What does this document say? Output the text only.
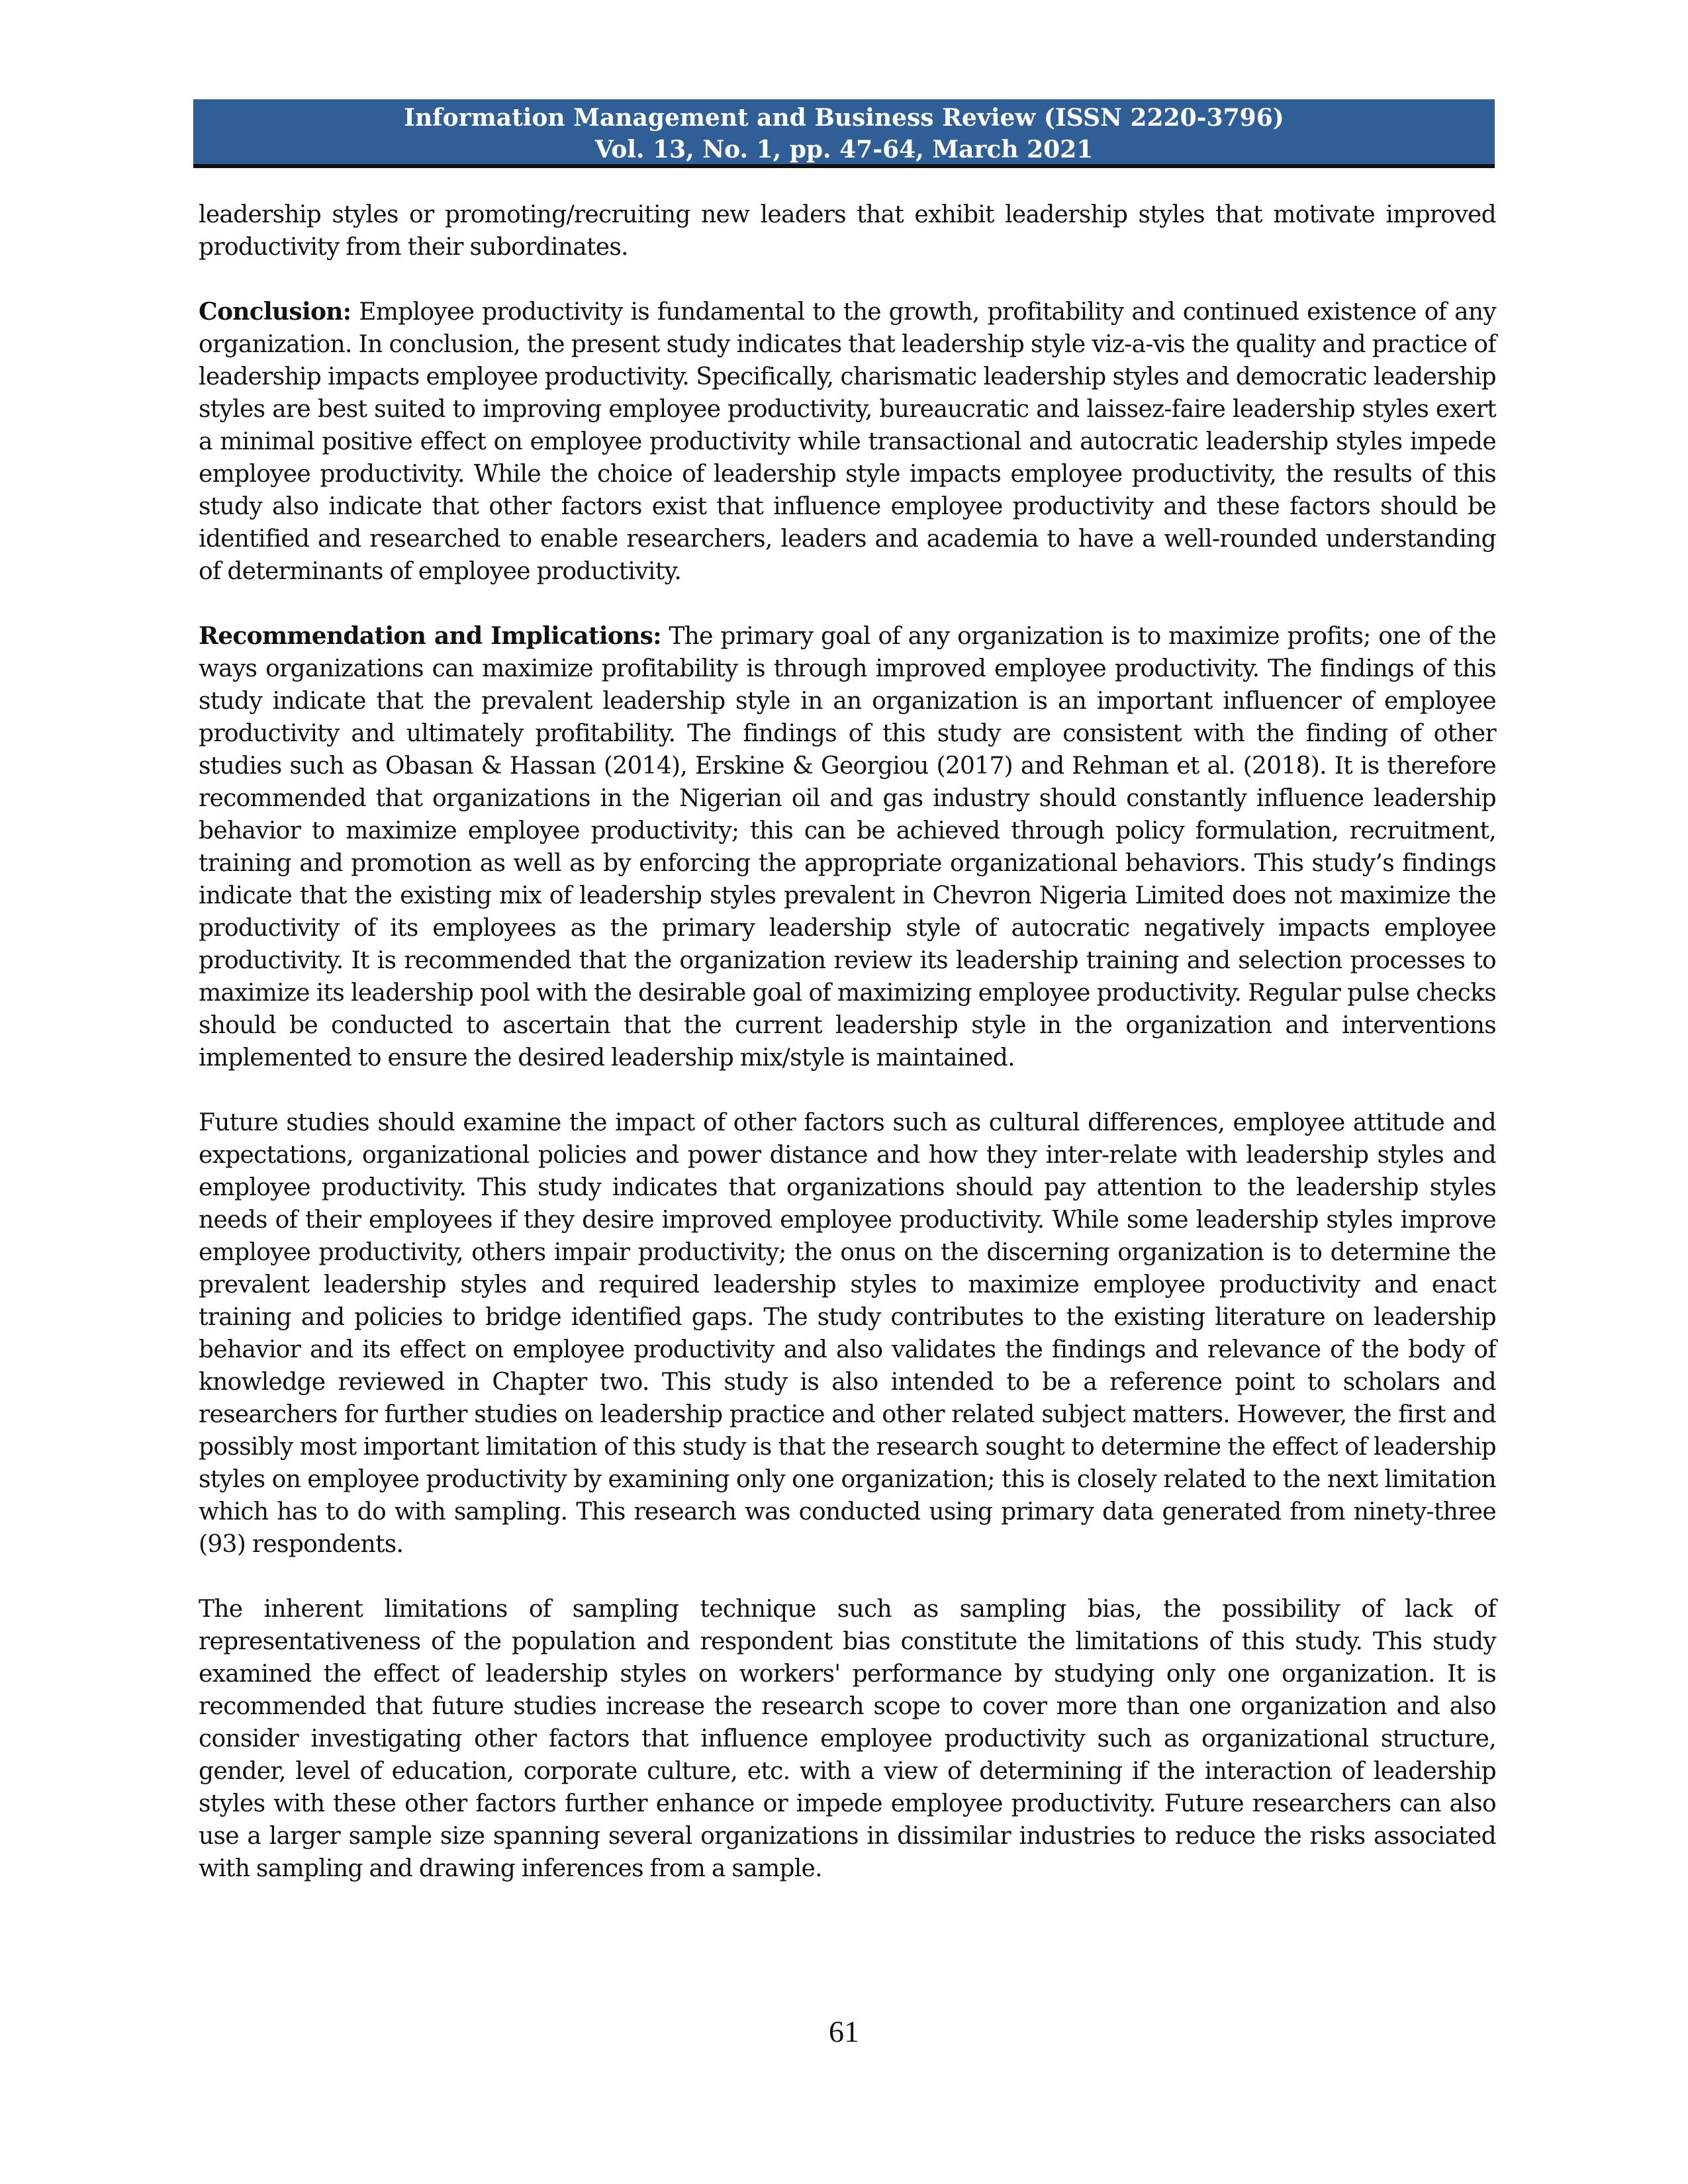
Information Management and Business Review (ISSN 2220-3796)
Vol. 13, No. 1, pp. 47-64, March 2021

leadership styles or promoting/recruiting new leaders that exhibit leadership styles that motivate improved productivity from their subordinates.

Conclusion: Employee productivity is fundamental to the growth, profitability and continued existence of any organization. In conclusion, the present study indicates that leadership style viz-a-vis the quality and practice of leadership impacts employee productivity. Specifically, charismatic leadership styles and democratic leadership styles are best suited to improving employee productivity, bureaucratic and laissez-faire leadership styles exert a minimal positive effect on employee productivity while transactional and autocratic leadership styles impede employee productivity. While the choice of leadership style impacts employee productivity, the results of this study also indicate that other factors exist that influence employee productivity and these factors should be identified and researched to enable researchers, leaders and academia to have a well-rounded understanding of determinants of employee productivity.

Recommendation and Implications: The primary goal of any organization is to maximize profits; one of the ways organizations can maximize profitability is through improved employee productivity. The findings of this study indicate that the prevalent leadership style in an organization is an important influencer of employee productivity and ultimately profitability. The findings of this study are consistent with the finding of other studies such as Obasan & Hassan (2014), Erskine & Georgiou (2017) and Rehman et al. (2018). It is therefore recommended that organizations in the Nigerian oil and gas industry should constantly influence leadership behavior to maximize employee productivity; this can be achieved through policy formulation, recruitment, training and promotion as well as by enforcing the appropriate organizational behaviors. This study’s findings indicate that the existing mix of leadership styles prevalent in Chevron Nigeria Limited does not maximize the productivity of its employees as the primary leadership style of autocratic negatively impacts employee productivity. It is recommended that the organization review its leadership training and selection processes to maximize its leadership pool with the desirable goal of maximizing employee productivity. Regular pulse checks should be conducted to ascertain that the current leadership style in the organization and interventions implemented to ensure the desired leadership mix/style is maintained.

Future studies should examine the impact of other factors such as cultural differences, employee attitude and expectations, organizational policies and power distance and how they inter-relate with leadership styles and employee productivity. This study indicates that organizations should pay attention to the leadership styles needs of their employees if they desire improved employee productivity. While some leadership styles improve employee productivity, others impair productivity; the onus on the discerning organization is to determine the prevalent leadership styles and required leadership styles to maximize employee productivity and enact training and policies to bridge identified gaps. The study contributes to the existing literature on leadership behavior and its effect on employee productivity and also validates the findings and relevance of the body of knowledge reviewed in Chapter two. This study is also intended to be a reference point to scholars and researchers for further studies on leadership practice and other related subject matters. However, the first and possibly most important limitation of this study is that the research sought to determine the effect of leadership styles on employee productivity by examining only one organization; this is closely related to the next limitation which has to do with sampling. This research was conducted using primary data generated from ninety-three (93) respondents.

The inherent limitations of sampling technique such as sampling bias, the possibility of lack of representativeness of the population and respondent bias constitute the limitations of this study. This study examined the effect of leadership styles on workers' performance by studying only one organization. It is recommended that future studies increase the research scope to cover more than one organization and also consider investigating other factors that influence employee productivity such as organizational structure, gender, level of education, corporate culture, etc. with a view of determining if the interaction of leadership styles with these other factors further enhance or impede employee productivity. Future researchers can also use a larger sample size spanning several organizations in dissimilar industries to reduce the risks associated with sampling and drawing inferences from a sample.

61
